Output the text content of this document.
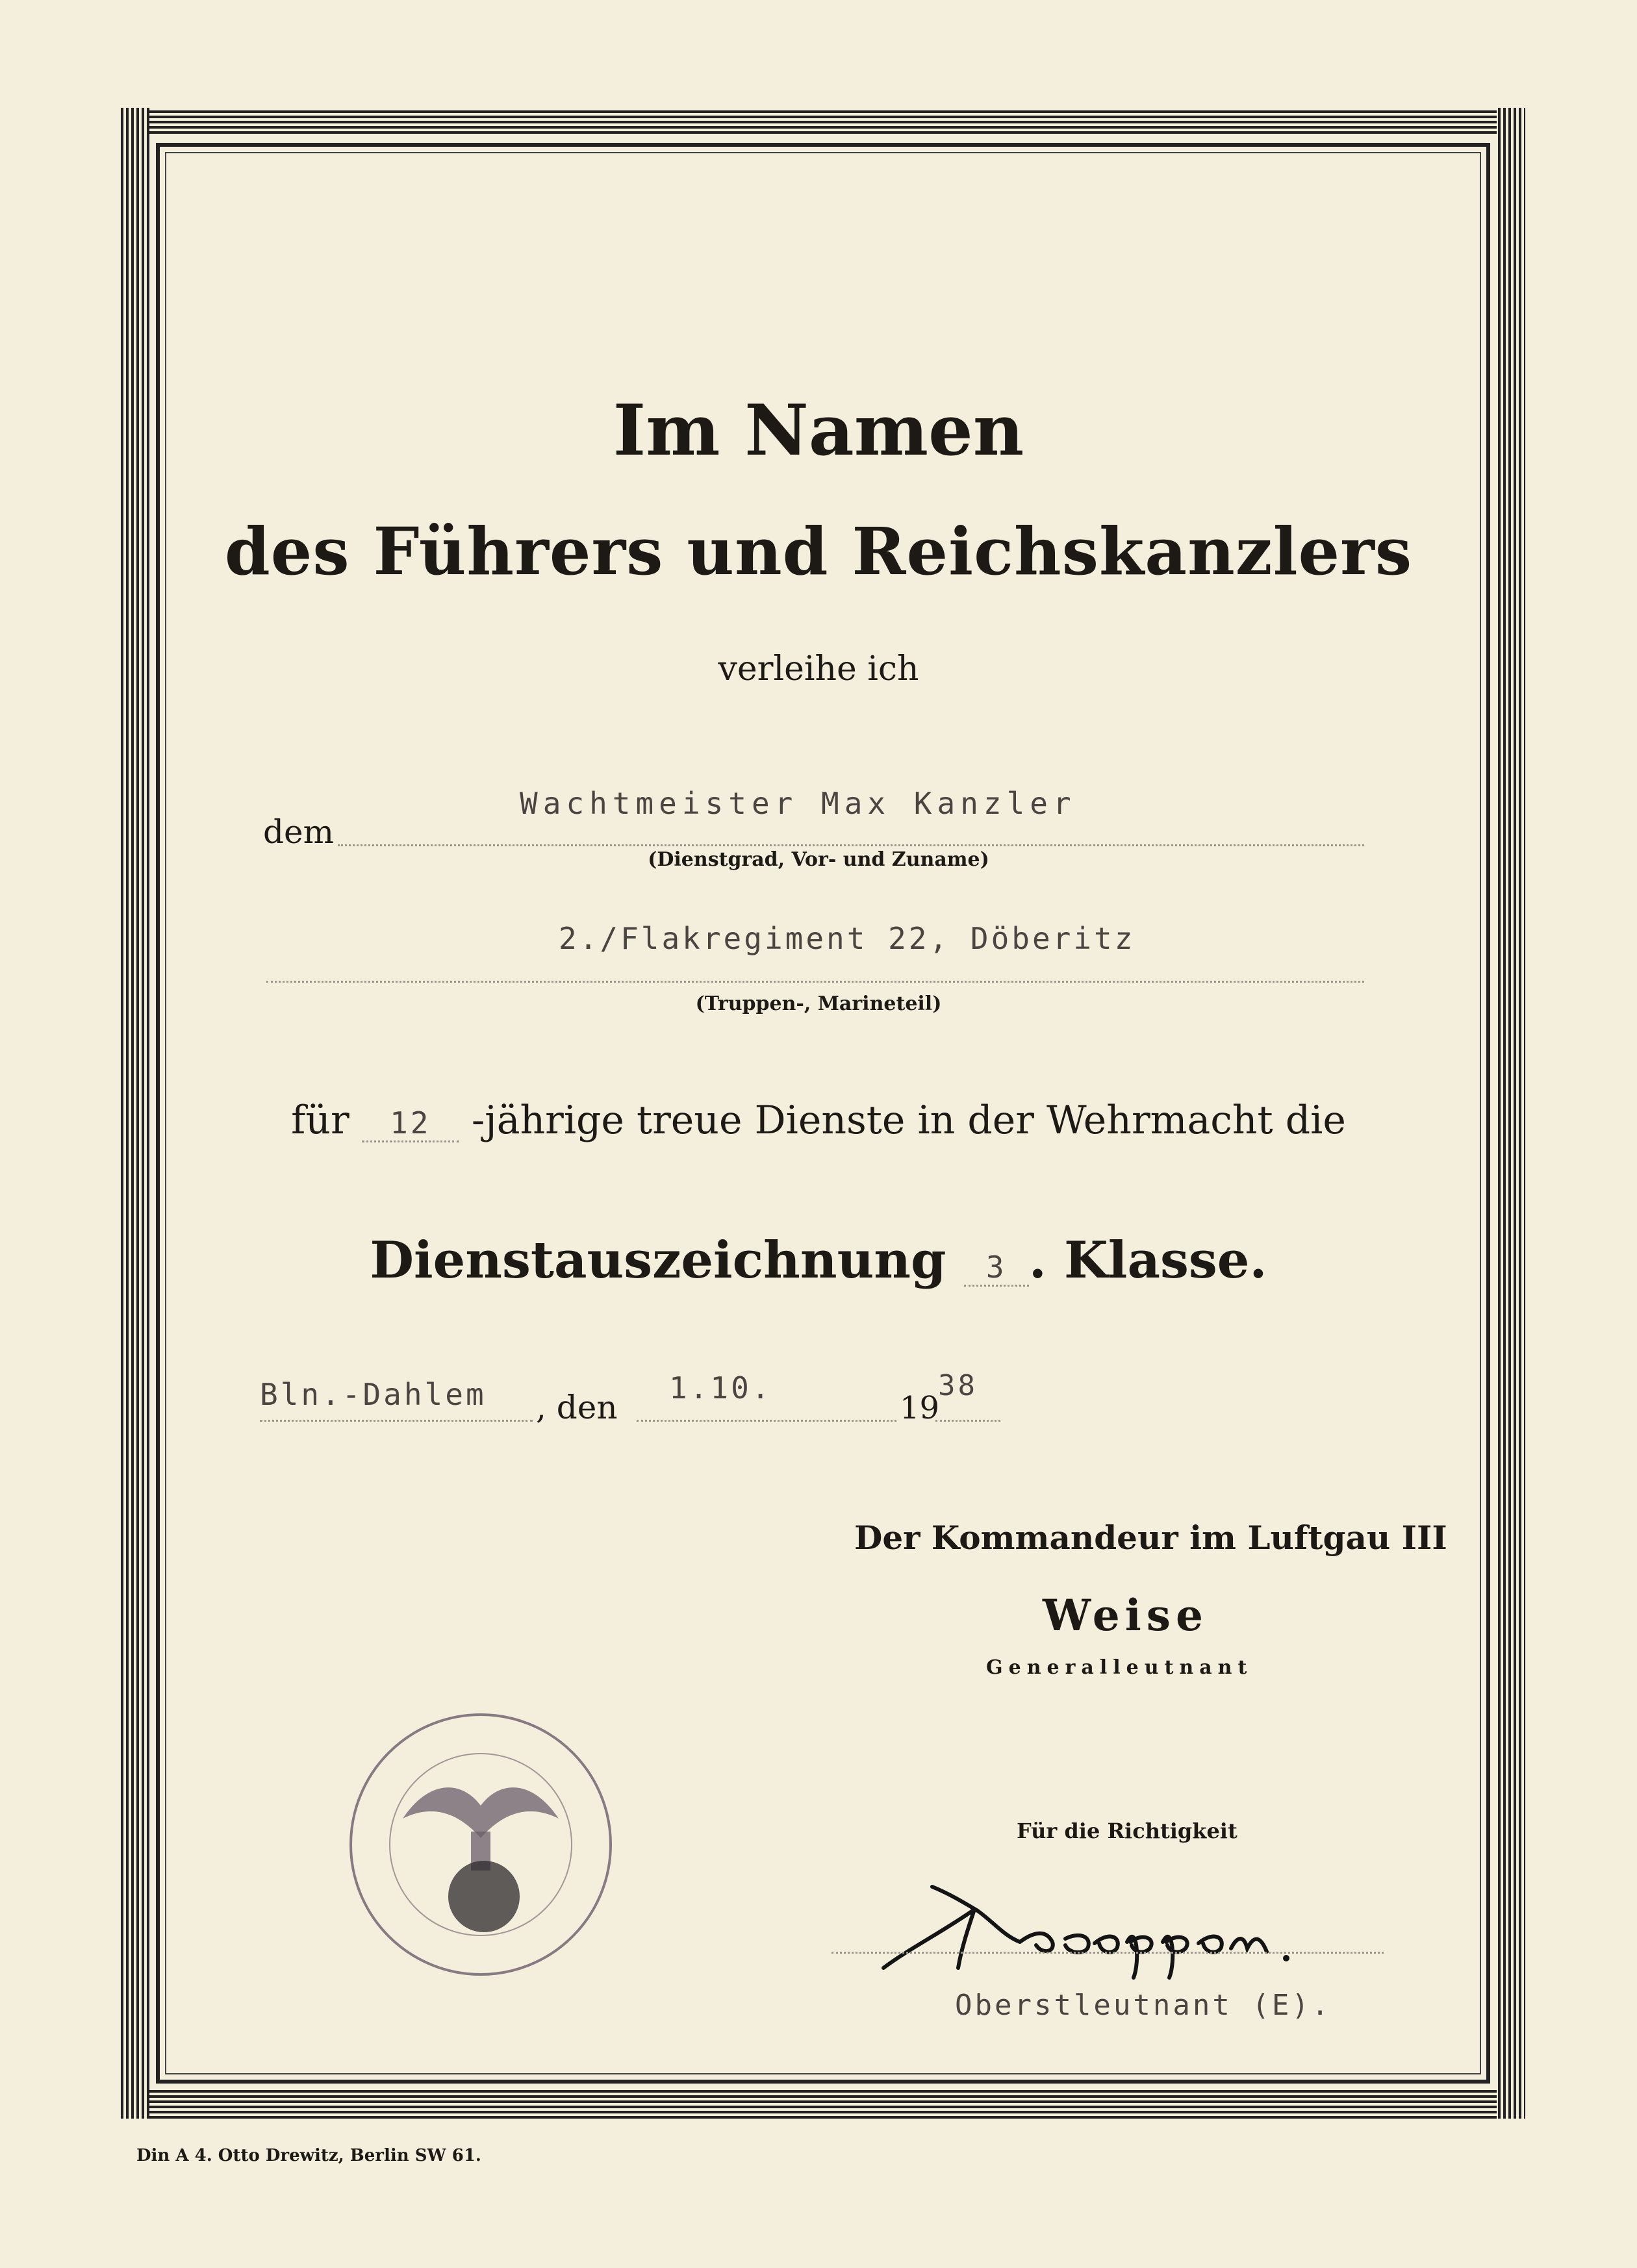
Im Namen
des Führers und Reichskanzlers
verleihe ich
dem
Wachtmeister Max Kanzler
(Dienstgrad, Vor- und Zuname)
2./Flakregiment 22, Döberitz
(Truppen-, Marineteil)
für 12 -jährige treue Dienste in der Wehrmacht die
Dienstauszeichnung 3 . Klasse.
Bln.-Dahlem , den
1.10.
19
38
Der Kommandeur im Luftgau III
Weise
Generalleutnant
Für die Richtigkeit
Oberstleutnant (E).
Din A 4. Otto Drewitz, Berlin SW 61.
